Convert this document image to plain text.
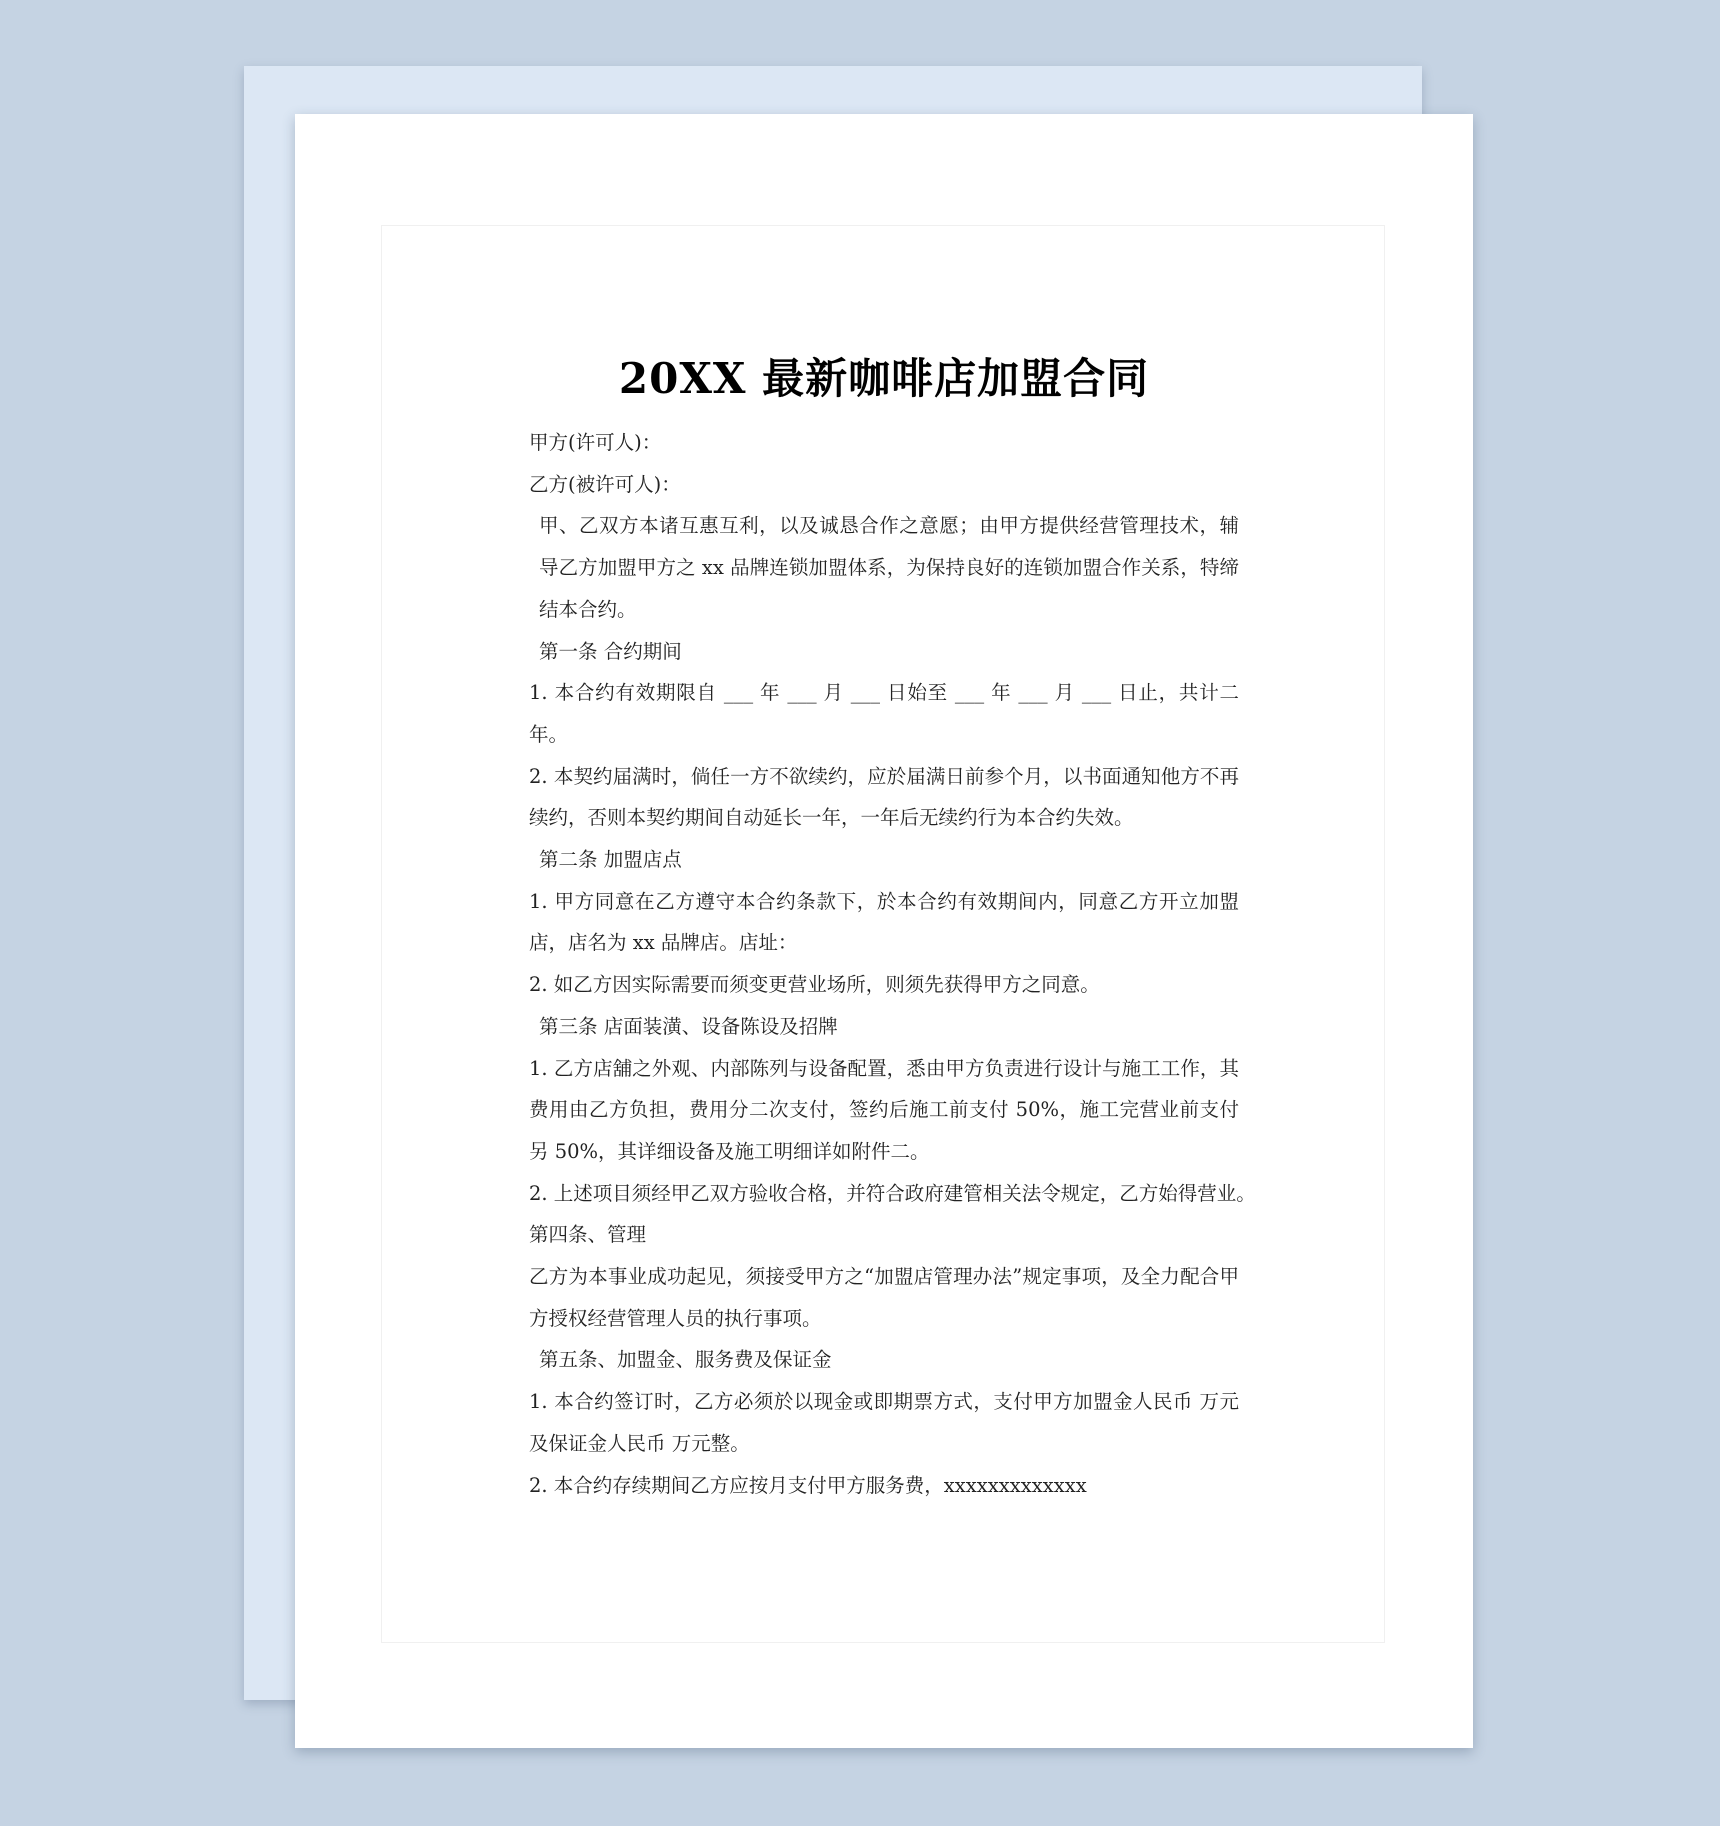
20XX 最新咖啡店加盟合同

甲方(许可人)：

乙方(被许可人)：

甲、乙双方本诸互惠互利，以及诚恳合作之意愿；由甲方提供经营管理技术，辅导乙方加盟甲方之 xx 品牌连锁加盟体系，为保持良好的连锁加盟合作关系，特缔结本合约。

第一条 合约期间

1. 本合约有效期限自 ___ 年 ___ 月 ___ 日始至 ___ 年 ___ 月 ___ 日止，共计二年。

2. 本契约届满时，倘任一方不欲续约，应於届满日前参个月，以书面通知他方不再续约，否则本契约期间自动延长一年，一年后无续约行为本合约失效。

第二条 加盟店点

1. 甲方同意在乙方遵守本合约条款下，於本合约有效期间内，同意乙方开立加盟店，店名为 xx 品牌店。店址：

2. 如乙方因实际需要而须变更营业场所，则须先获得甲方之同意。

第三条 店面装潢、设备陈设及招牌

1. 乙方店舖之外观、内部陈列与设备配置，悉由甲方负责进行设计与施工工作，其费用由乙方负担，费用分二次支付，签约后施工前支付 50%，施工完营业前支付另 50%，其详细设备及施工明细详如附件二。

2. 上述项目须经甲乙双方验收合格，并符合政府建管相关法令规定，乙方始得营业。

第四条、管理

乙方为本事业成功起见，须接受甲方之“加盟店管理办法”规定事项，及全力配合甲方授权经营管理人员的执行事项。

第五条、加盟金、服务费及保证金

1. 本合约签订时，乙方必须於以现金或即期票方式，支付甲方加盟金人民币 万元及保证金人民币 万元整。

2. 本合约存续期间乙方应按月支付甲方服务费，xxxxxxxxxxxxx
